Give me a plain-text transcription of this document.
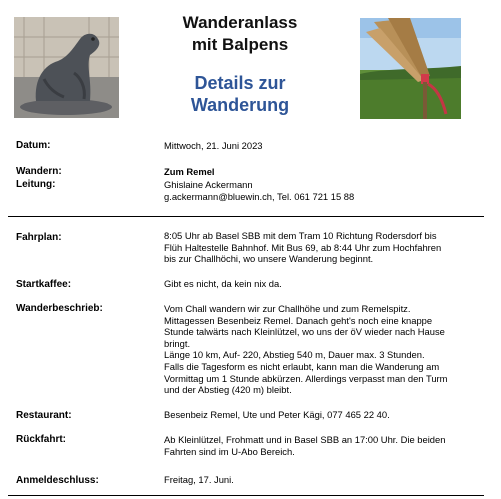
Wanderanlass
mit Balpens
Details zur
Wanderung
Datum:	Mittwoch, 21. Juni 2023
Wandern:	Zum Remel
Leitung:	Ghislaine Ackermann
g.ackermann@bluewin.ch, Tel. 061 721 15 88
Fahrplan:	8:05 Uhr ab Basel SBB mit dem Tram 10 Richtung Rodersdorf bis
Flüh Haltestelle Bahnhof. Mit Bus 69, ab 8:44 Uhr zum Hochfahren
bis zur Challhöchi, wo unsere Wanderung beginnt.
Startkaffee:	Gibt es nicht, da kein nix da.
Wanderbeschrieb:	Vom Chall wandern wir zur Challhöhe und zum Remelspitz.
Mittagessen Besenbeiz Remel. Danach geht's noch eine knappe
Stunde talwärts nach Kleinlützel, wo uns der öV wieder nach Hause
bringt.
Länge 10 km, Auf- 220, Abstieg 540 m, Dauer max. 3 Stunden.
Falls die Tagesform es nicht erlaubt, kann man die Wanderung am
Vormittag um 1 Stunde abkürzen. Allerdings verpasst man den Turm
und der Abstieg (420 m) bleibt.
Restaurant:	Besenbeiz Remel, Ute und Peter Kägi, 077 465 22 40.
Rückfahrt:	Ab Kleinlützel, Frohmatt und in Basel SBB an 17:00 Uhr. Die beiden
Fahrten sind im U-Abo Bereich.
Anmeldeschluss:	Freitag, 17. Juni.
